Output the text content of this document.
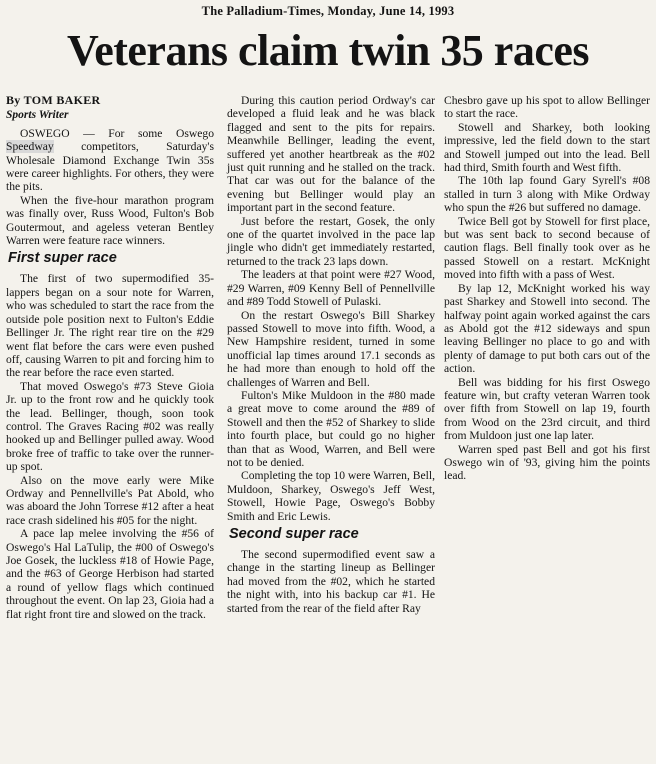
The Palladium-Times, Monday, June 14, 1993
Veterans claim twin 35 races
By TOM BAKER
Sports Writer

OSWEGO — For some Oswego Speedway competitors, Saturday's Wholesale Diamond Exchange Twin 35s were career highlights. For others, they were the pits.

When the five-hour marathon program was finally over, Russ Wood, Fulton's Bob Goutermout, and ageless veteran Bentley Warren were feature race winners.

First super race

The first of two supermodified 35-lappers began on a sour note for Warren, who was scheduled to start the race from the outside pole position next to Fulton's Eddie Bellinger Jr. The right rear tire on the #29 went flat before the cars were even pushed off, causing Warren to pit and forcing him to the rear before the race even started.

That moved Oswego's #73 Steve Gioia Jr. up to the front row and he quickly took the lead. Bellinger, though, soon took control. The Graves Racing #02 was really hooked up and Bellinger pulled away. Wood broke free of traffic to take over the runner-up spot.

Also on the move early were Mike Ordway and Pennellville's Pat Abold, who was aboard the John Torrese #12 after a heat race crash sidelined his #05 for the night.

A pace lap melee involving the #56 of Oswego's Hal LaTulip, the #00 of Oswego's Joe Gosek, the luckless #18 of Howie Page, and the #63 of George Herbison had started a round of yellow flags which continued throughout the event. On lap 23, Gioia had a flat right front tire and slowed on the track.

During this caution period Ordway's car developed a fluid leak and he was black flagged and sent to the pits for repairs. Meanwhile Bellinger, leading the event, suffered yet another heartbreak as the #02 just quit running and he stalled on the track. That car was out for the balance of the evening but Bellinger would play an important part in the second feature.

Just before the restart, Gosek, the only one of the quartet involved in the pace lap jingle who didn't get immediately restarted, returned to the track 23 laps down.

The leaders at that point were #27 Wood, #29 Warren, #09 Kenny Bell of Pennellville and #89 Todd Stowell of Pulaski.

On the restart Oswego's Bill Sharkey passed Stowell to move into fifth. Wood, a New Hampshire resident, turned in some unofficial lap times around 17.1 seconds as he had more than enough to hold off the challenges of Warren and Bell.

Fulton's Mike Muldoon in the #80 made a great move to come around the #89 of Stowell and then the #52 of Sharkey to slide into fourth place, but could go no higher than that as Wood, Warren, and Bell were not to be denied.

Completing the top 10 were Warren, Bell, Muldoon, Sharkey, Oswego's Jeff West, Stowell, Howie Page, Oswego's Bobby Smith and Eric Lewis.

Second super race

The second supermodified event saw a change in the starting lineup as Bellinger had moved from the #02, which he started the night with, into his backup car #1. He started from the rear of the field after Ray

Chesbro gave up his spot to allow Bellinger to start the race.

Stowell and Sharkey, both looking impressive, led the field down to the start and Stowell jumped out into the lead. Bell had third, Smith fourth and West fifth.

The 10th lap found Gary Syrell's #08 stalled in turn 3 along with Mike Ordway who spun the #26 but suffered no damage.

Twice Bell got by Stowell for first place, but was sent back to second because of caution flags. Bell finally took over as he passed Stowell on a restart. McKnight moved into fifth with a pass of West.

By lap 12, McKnight worked his way past Sharkey and Stowell into second. The halfway point again worked against the cars as Abold got the #12 sideways and spun leaving Bellinger no place to go and with plenty of damage to put both cars out of the action.

Bell was bidding for his first Oswego feature win, but crafty veteran Warren took over fifth from Stowell on lap 19, fourth from Wood on the 23rd circuit, and third from Muldoon just one lap later.

Warren sped past Bell and got his first Oswego win of '93, giving him the points lead.
